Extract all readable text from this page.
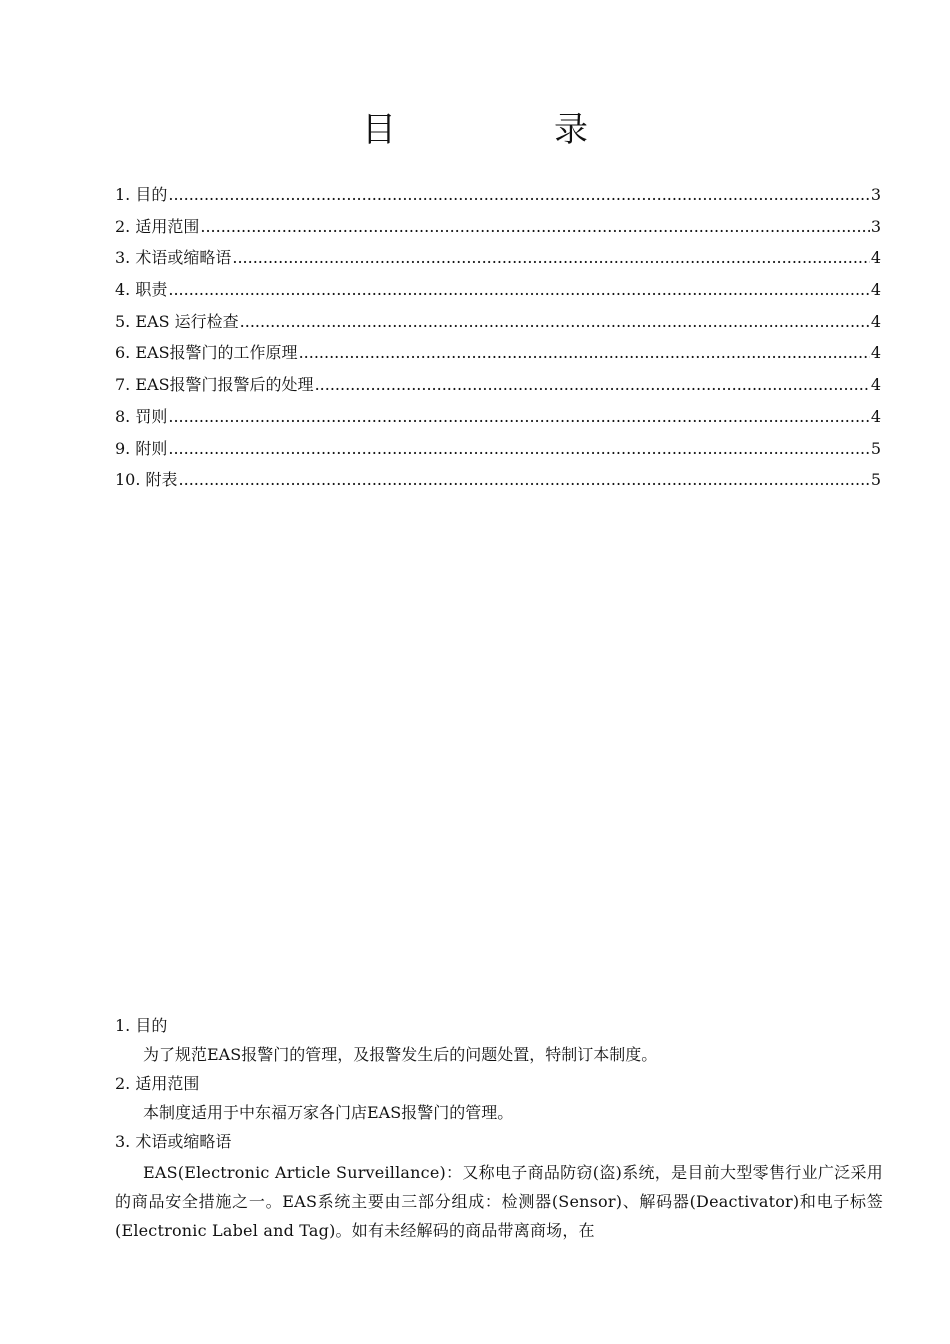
目　录
1. 目的 .....	3
2. 适用范围 .....	3
3. 术语或缩略语 .....	4
4. 职责 .....	4
5. EAS 运行检查 .....	4
6. EAS报警门的工作原理 .....	4
7. EAS报警门报警后的处理 .....	4
8. 罚则 .....	4
9. 附则 .....	5
10. 附表 .....	5
1. 目的
为了规范EAS报警门的管理，及报警发生后的问题处置，特制订本制度。
2. 适用范围
本制度适用于中东福万家各门店EAS报警门的管理。
3. 术语或缩略语
EAS(Electronic Article Surveillance)：又称电子商品防窃(盗)系统，是目前大型零售行业广泛采用的商品安全措施之一。EAS系统主要由三部分组成：检测器(Sensor)、解码器(Deactivator)和电子标签(Electronic Label and Tag)。如有未经解码的商品带离商场，在
